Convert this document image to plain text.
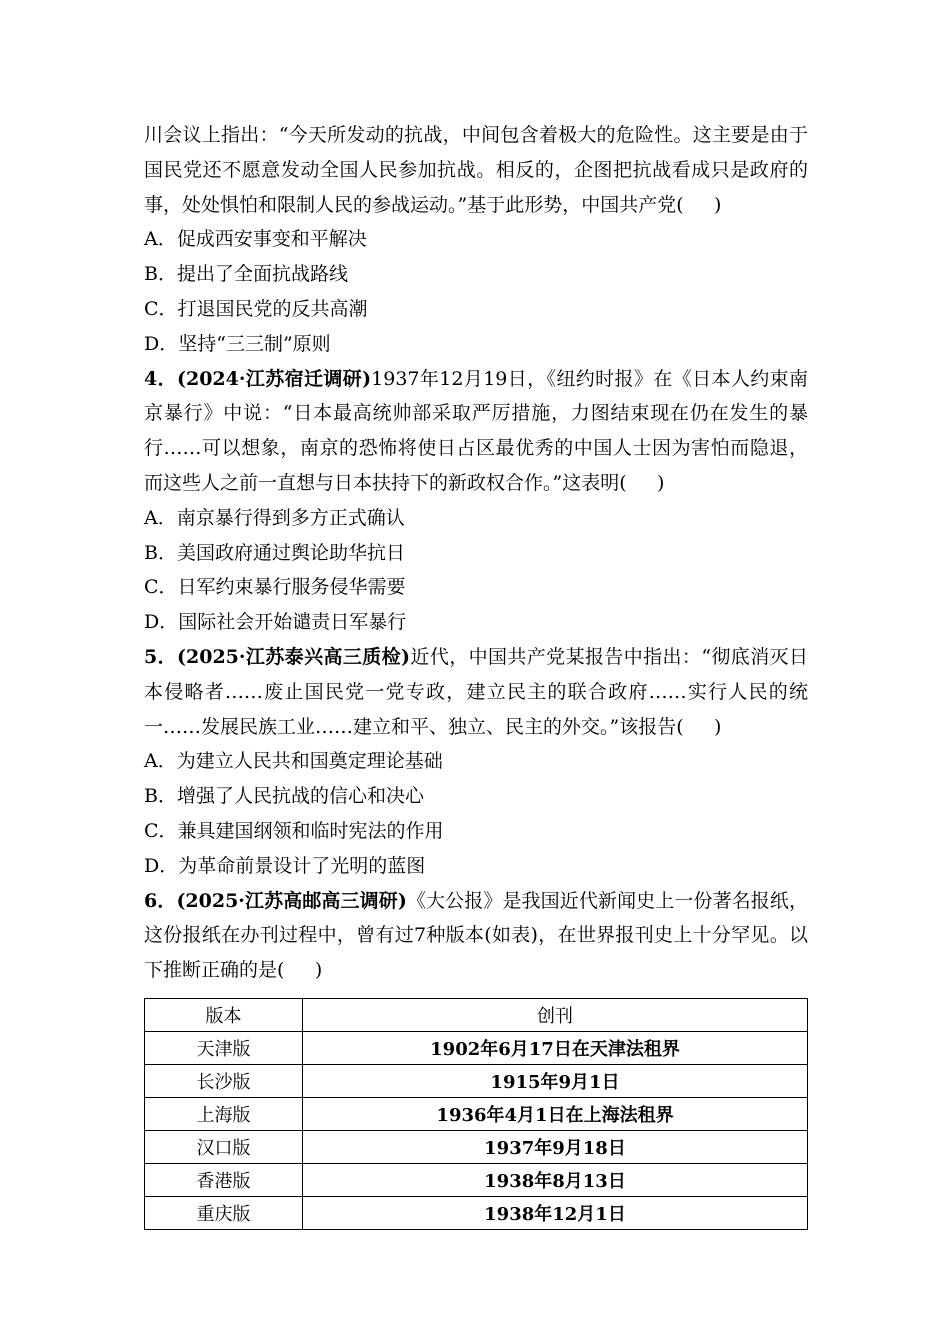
川会议上指出：“今天所发动的抗战，中间包含着极大的危险性。这主要是由于国民党还不愿意发动全国人民参加抗战。相反的，企图把抗战看成只是政府的事，处处惧怕和限制人民的参战运动。”基于此形势，中国共产党( )

A．促成西安事变和平解决

B．提出了全面抗战路线

C．打退国民党的反共高潮

D．坚持“三三制”原则

4．(2024·江苏宿迁调研)1937年12月19日，《纽约时报》在《日本人约束南京暴行》中说：“日本最高统帅部采取严厉措施，力图结束现在仍在发生的暴行……可以想象，南京的恐怖将使日占区最优秀的中国人士因为害怕而隐退，而这些人之前一直想与日本扶持下的新政权合作。”这表明( )

A．南京暴行得到多方正式确认

B．美国政府通过舆论助华抗日

C．日军约束暴行服务侵华需要

D．国际社会开始谴责日军暴行

5．(2025·江苏泰兴高三质检)近代，中国共产党某报告中指出：“彻底消灭日本侵略者……废止国民党一党专政，建立民主的联合政府……实行人民的统一……发展民族工业……建立和平、独立、民主的外交。”该报告( )

A．为建立人民共和国奠定理论基础

B．增强了人民抗战的信心和决心

C．兼具建国纲领和临时宪法的作用

D．为革命前景设计了光明的蓝图

6．(2025·江苏高邮高三调研)《大公报》是我国近代新闻史上一份著名报纸，这份报纸在办刊过程中，曾有过7种版本(如表)，在世界报刊史上十分罕见。以下推断正确的是( )

版本	创刊
天津版	1902年6月17日在天津法租界
长沙版	1915年9月1日
上海版	1936年4月1日在上海法租界
汉口版	1937年9月18日
香港版	1938年8月13日
重庆版	1938年12月1日
